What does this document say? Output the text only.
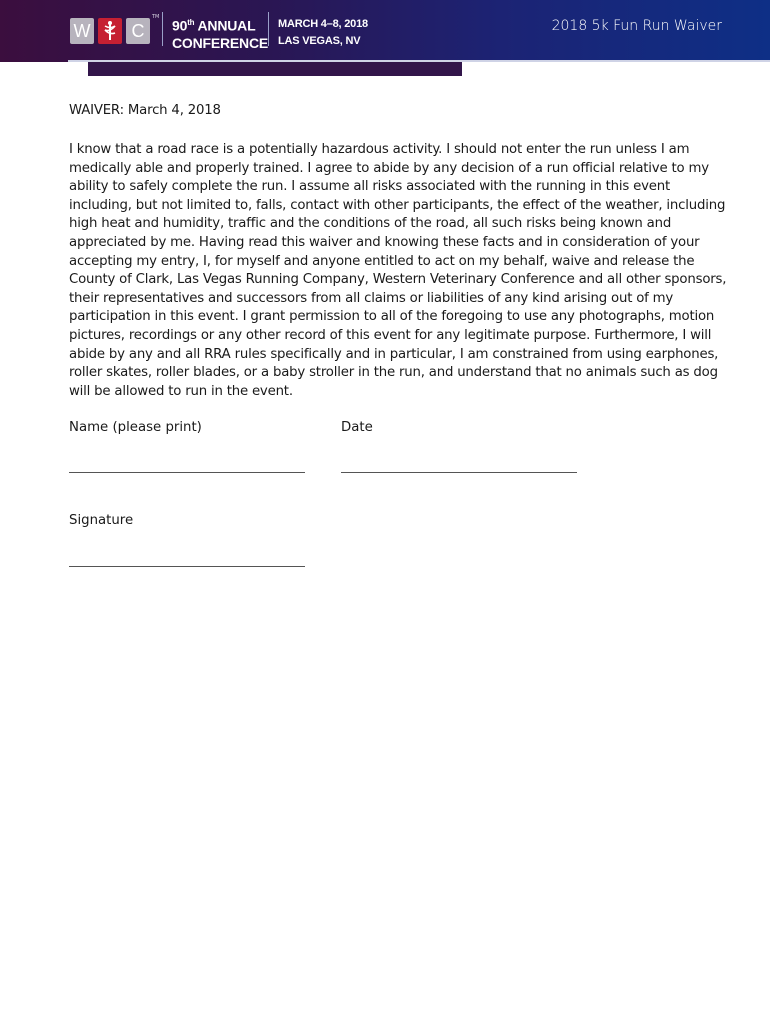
W C
TM
90th ANNUAL
CONFERENCE
MARCH 4–8, 2018
LAS VEGAS, NV
2018 5k Fun Run Waiver

WAIVER: March 4, 2018

I know that a road race is a potentially hazardous activity. I should not enter the run unless I am medically able and properly trained. I agree to abide by any decision of a run official relative to my ability to safely complete the run. I assume all risks associated with the running in this event including, but not limited to, falls, contact with other participants, the effect of the weather, including high heat and humidity, traffic and the conditions of the road, all such risks being known and appreciated by me. Having read this waiver and knowing these facts and in consideration of your accepting my entry, I, for myself and anyone entitled to act on my behalf, waive and release the County of Clark, Las Vegas Running Company, Western Veterinary Conference and all other sponsors, their representatives and successors from all claims or liabilities of any kind arising out of my participation in this event. I grant permission to all of the foregoing to use any photographs, motion pictures, recordings or any other record of this event for any legitimate purpose. Furthermore, I will abide by any and all RRA rules specifically and in particular, I am constrained from using earphones, roller skates, roller blades, or a baby stroller in the run, and understand that no animals such as dog will be allowed to run in the event.

Name (please print)	Date
Signature
